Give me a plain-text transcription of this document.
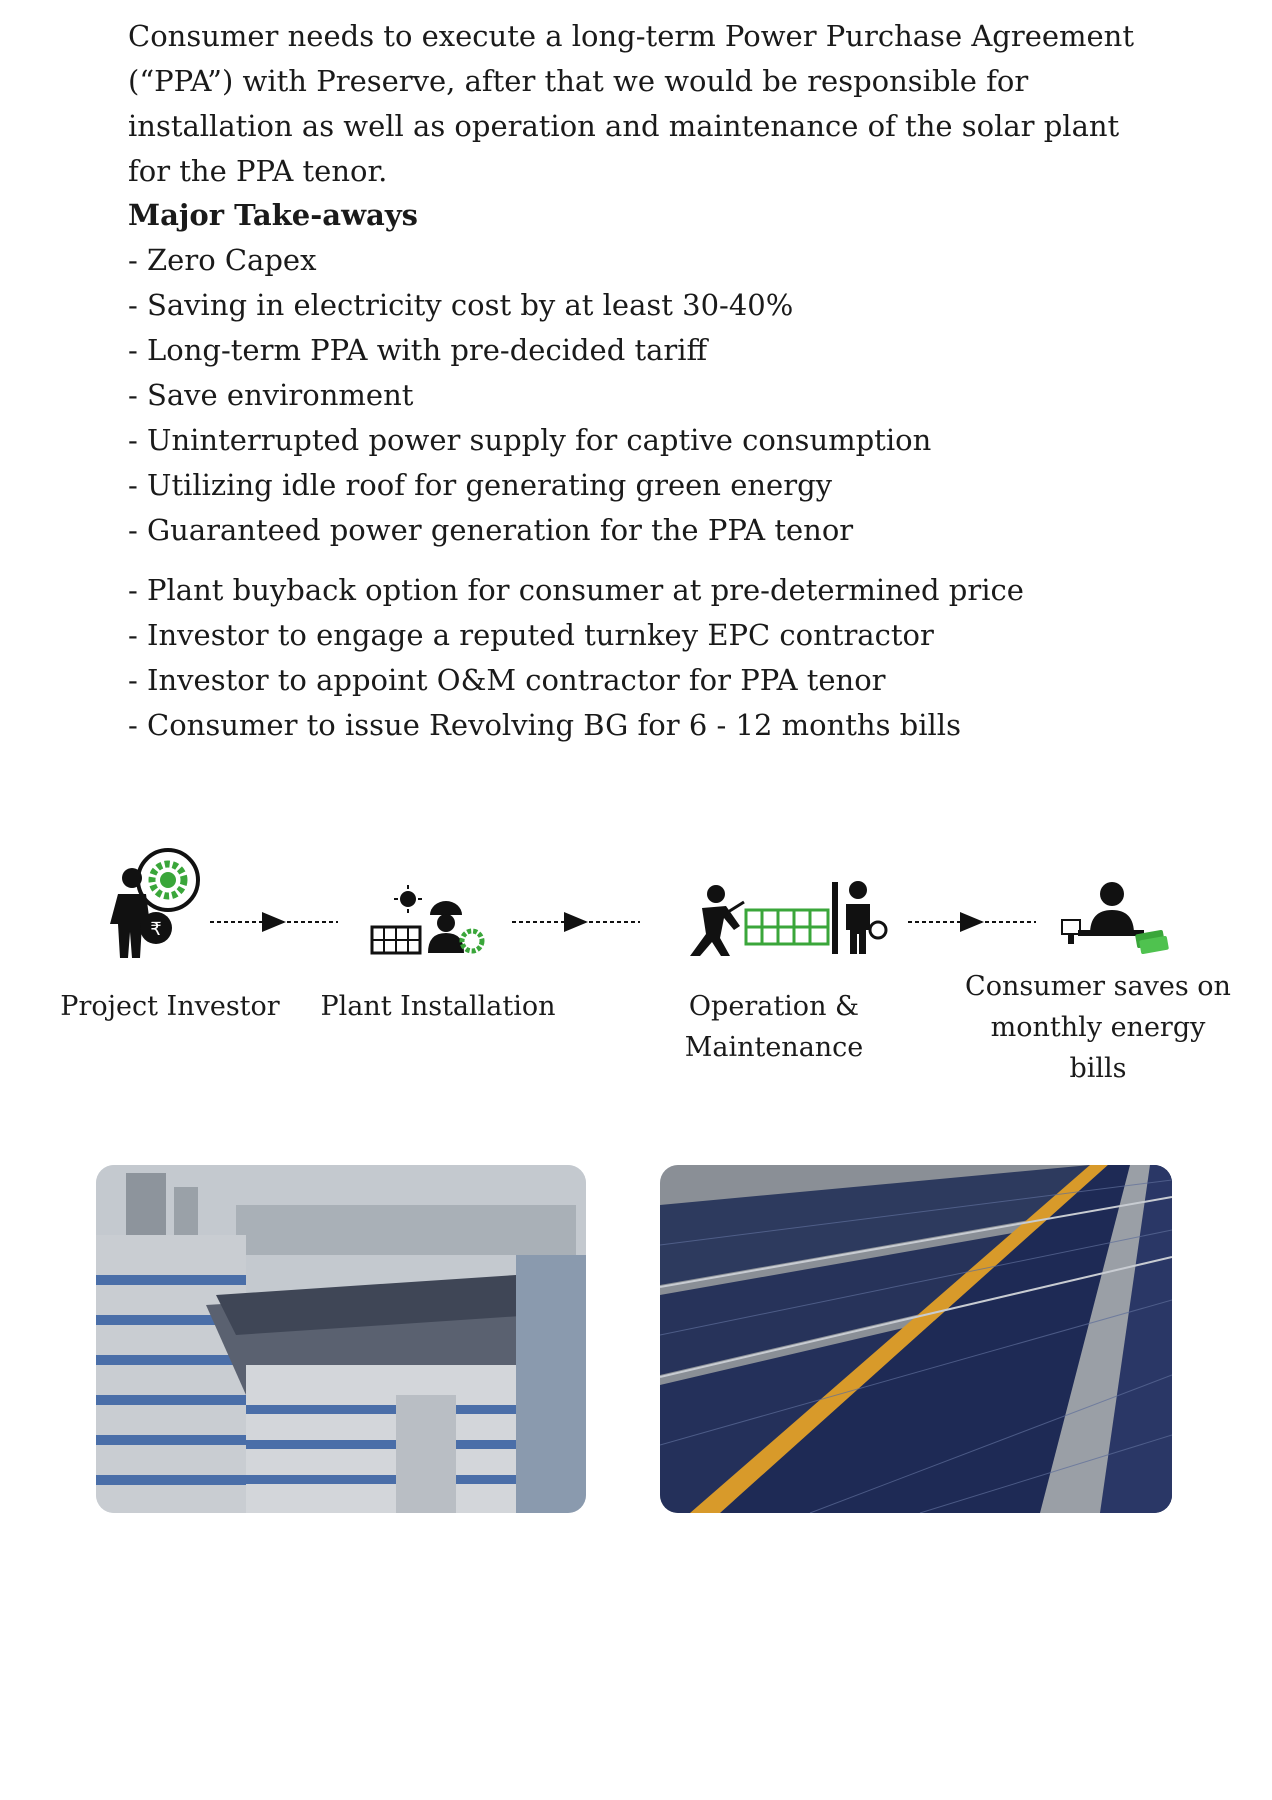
Consumer needs to execute a long-term Power Purchase Agreement (“PPA”) with Preserve, after that we would be responsible for installation as well as operation and maintenance of the solar plant for the PPA tenor.

Major Take-aways
- Zero Capex
- Saving in electricity cost by at least 30-40%
- Long-term PPA with pre-decided tariff
- Save environment
- Uninterrupted power supply for captive consumption
- Utilizing idle roof for generating green energy
- Guaranteed power generation for the PPA tenor
- Plant buyback option for consumer at pre-determined price
- Investor to engage a reputed turnkey EPC contractor
- Investor to appoint O&M contractor for PPA tenor
- Consumer to issue Revolving BG for 6 - 12 months bills
₹
Project Investor Plant Installation	Operation & Maintenance
Consumer saves on
monthly energy bills
